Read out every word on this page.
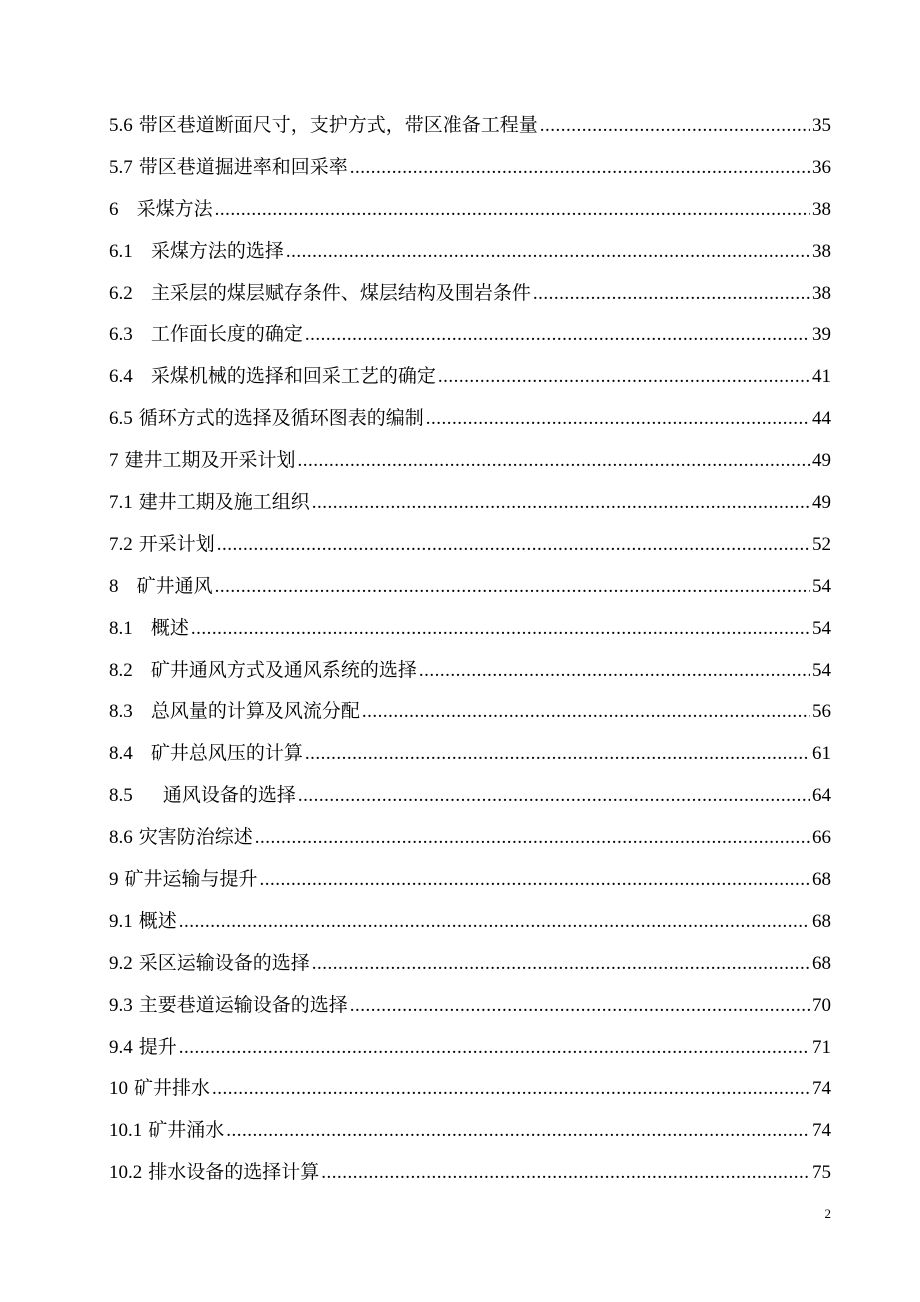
5.6 带区巷道断面尺寸，支护方式，带区准备工程量 .....	35
5.7 带区巷道掘进率和回采率 .....	36
6 采煤方法 .....	38
6.1 采煤方法的选择 .....	38
6.2 主采层的煤层赋存条件、煤层结构及围岩条件 .....	38
6.3 工作面长度的确定 .....	39
6.4 采煤机械的选择和回采工艺的确定 .....	41
6.5 循环方式的选择及循环图表的编制 .....	44
7 建井工期及开采计划 .....	49
7.1 建井工期及施工组织 .....	49
7.2 开采计划 .....	52
8 矿井通风 .....	54
8.1 概述 .....	54
8.2 矿井通风方式及通风系统的选择 .....	54
8.3 总风量的计算及风流分配 .....	56
8.4 矿井总风压的计算 .....	61
8.5 通风设备的选择 .....	64
8.6 灾害防治综述 .....	66
9 矿井运输与提升 .....	68
9.1 概述 .....	68
9.2 采区运输设备的选择 .....	68
9.3 主要巷道运输设备的选择 .....	70
9.4 提升 .....	71
10 矿井排水 .....	74
10.1 矿井涌水 .....	74
10.2 排水设备的选择计算 .....	75
2
